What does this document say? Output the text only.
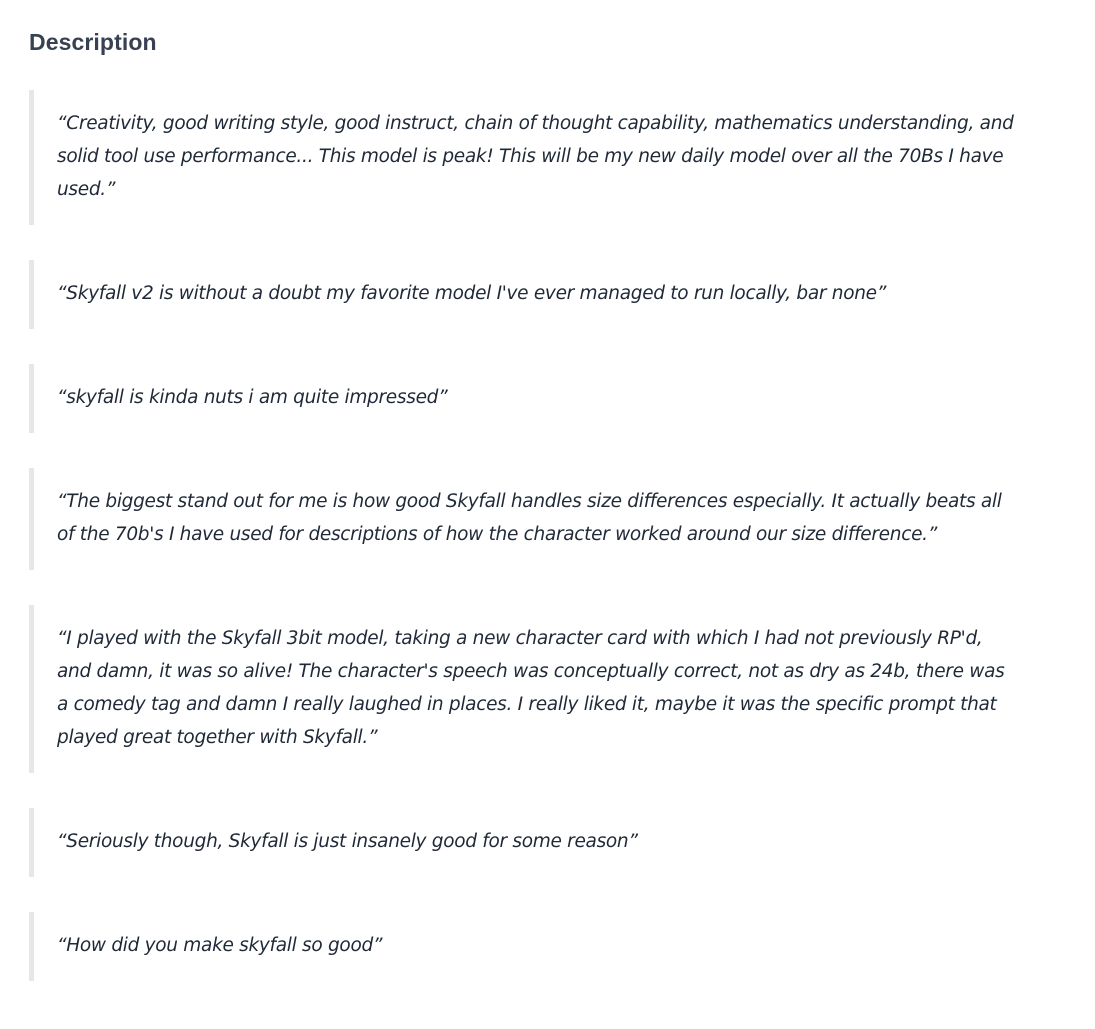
Description

“Creativity, good writing style, good instruct, chain of thought capability, mathematics understanding, and solid tool use performance... This model is peak! This will be my new daily model over all the 70Bs I have used.”

“Skyfall v2 is without a doubt my favorite model I've ever managed to run locally, bar none”

“skyfall is kinda nuts i am quite impressed”

“The biggest stand out for me is how good Skyfall handles size differences especially. It actually beats all of the 70b's I have used for descriptions of how the character worked around our size difference.”

“I played with the Skyfall 3bit model, taking a new character card with which I had not previously RP'd, and damn, it was so alive! The character's speech was conceptually correct, not as dry as 24b, there was a comedy tag and damn I really laughed in places. I really liked it, maybe it was the specific prompt that played great together with Skyfall.”

“Seriously though, Skyfall is just insanely good for some reason”

“How did you make skyfall so good”
